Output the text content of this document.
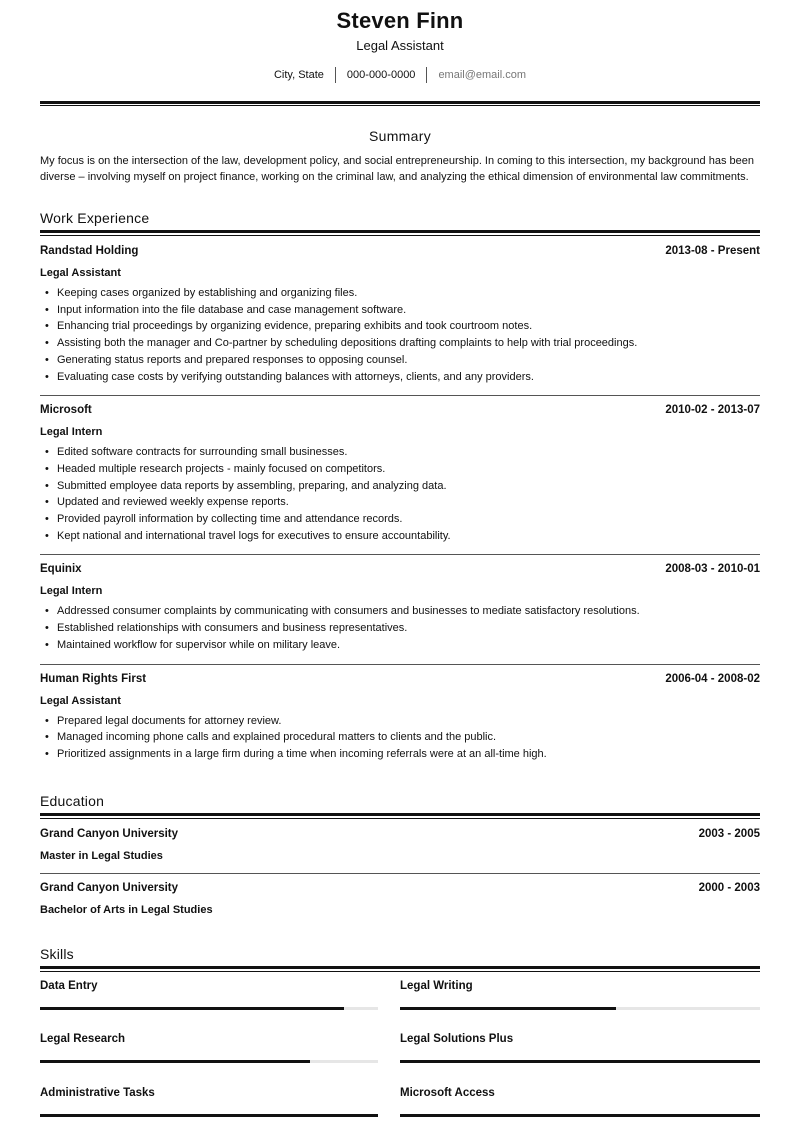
Steven Finn
Legal Assistant
City, State	000-000-0000	email@email.com
Summary
My focus is on the intersection of the law, development policy, and social entrepreneurship. In coming to this intersection, my background has been diverse – involving myself on project finance, working on the criminal law, and analyzing the ethical dimension of environmental law commitments.
Work Experience
Randstad Holding	2013-08 - Present
Legal Assistant
• Keeping cases organized by establishing and organizing files.
• Input information into the file database and case management software.
• Enhancing trial proceedings by organizing evidence, preparing exhibits and took courtroom notes.
• Assisting both the manager and Co-partner by scheduling depositions drafting complaints to help with trial proceedings.
• Generating status reports and prepared responses to opposing counsel.
• Evaluating case costs by verifying outstanding balances with attorneys, clients, and any providers.
Microsoft	2010-02 - 2013-07
Legal Intern
• Edited software contracts for surrounding small businesses.
• Headed multiple research projects - mainly focused on competitors.
• Submitted employee data reports by assembling, preparing, and analyzing data.
• Updated and reviewed weekly expense reports.
• Provided payroll information by collecting time and attendance records.
• Kept national and international travel logs for executives to ensure accountability.
Equinix	2008-03 - 2010-01
Legal Intern
• Addressed consumer complaints by communicating with consumers and businesses to mediate satisfactory resolutions.
• Established relationships with consumers and business representatives.
• Maintained workflow for supervisor while on military leave.
Human Rights First	2006-04 - 2008-02
Legal Assistant
• Prepared legal documents for attorney review.
• Managed incoming phone calls and explained procedural matters to clients and the public.
• Prioritized assignments in a large firm during a time when incoming referrals were at an all-time high.
Education
Grand Canyon University	2003 - 2005
Master in Legal Studies
Grand Canyon University	2000 - 2003
Bachelor of Arts in Legal Studies
Skills
Data Entry	Legal Writing
Legal Research	Legal Solutions Plus
Administrative Tasks	Microsoft Access
